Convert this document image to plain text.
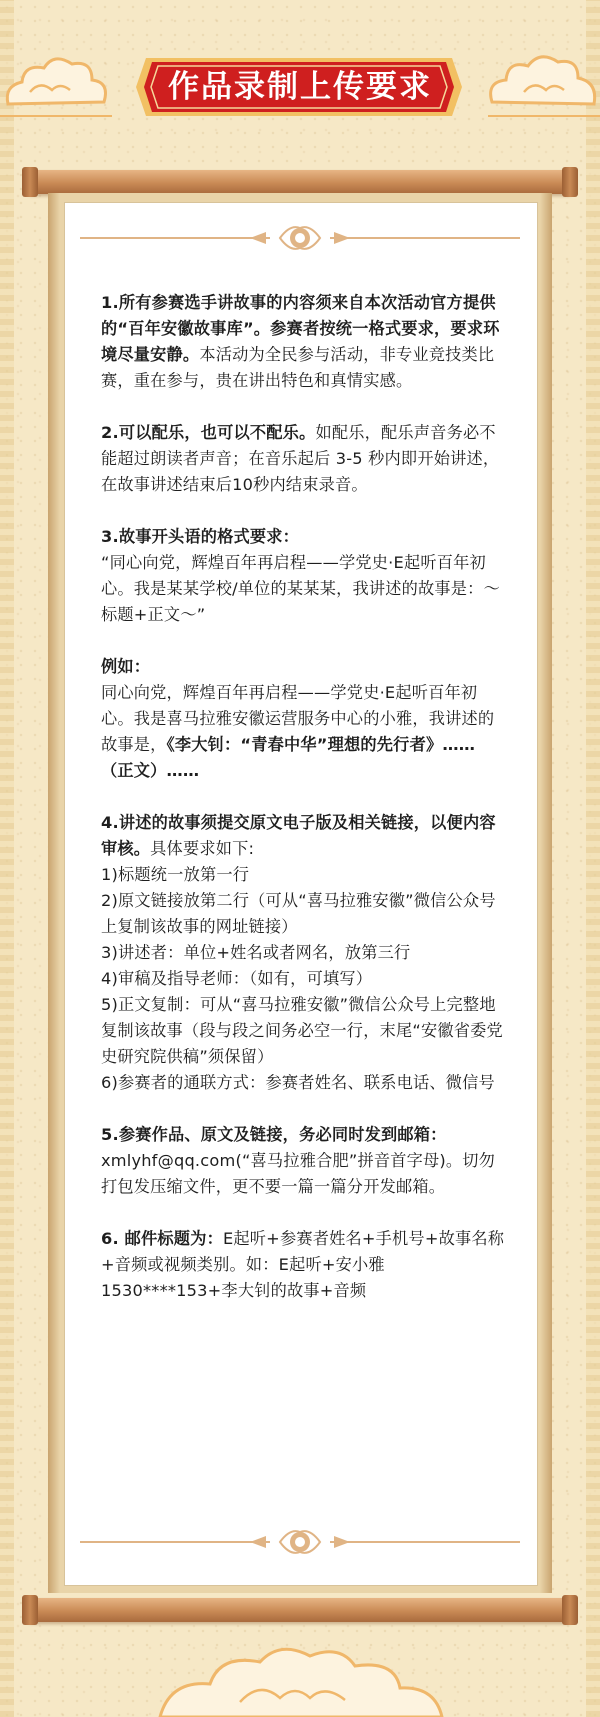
作品录制上传要求

1.所有参赛选手讲故事的内容须来自本次活动官方提供的“百年安徽故事库”。参赛者按统一格式要求，要求环境尽量安静。本活动为全民参与活动，非专业竞技类比赛，重在参与，贵在讲出特色和真情实感。

2.可以配乐，也可以不配乐。如配乐，配乐声音务必不能超过朗读者声音；在音乐起后 3-5 秒内即开始讲述，在故事讲述结束后10秒内结束录音。

3.故事开头语的格式要求：
“同心向党，辉煌百年再启程——学党史·E起听百年初心。我是某某学校/单位的某某某，我讲述的故事是：～标题+正文～”

例如：
同心向党，辉煌百年再启程——学党史·E起听百年初心。我是喜马拉雅安徽运营服务中心的小雅，我讲述的故事是，《李大钊：“青春中华”理想的先行者》……（正文）……

4.讲述的故事须提交原文电子版及相关链接，以便内容审核。具体要求如下:
1)标题统一放第一行
2)原文链接放第二行（可从“喜马拉雅安徽”微信公众号上复制该故事的网址链接）
3)讲述者：单位+姓名或者网名，放第三行
4)审稿及指导老师：（如有，可填写）
5)正文复制：可从“喜马拉雅安徽”微信公众号上完整地复制该故事（段与段之间务必空一行，末尾“安徽省委党史研究院供稿”须保留）
6)参赛者的通联方式：参赛者姓名、联系电话、微信号

5.参赛作品、原文及链接，务必同时发到邮箱：
xmlyhf@qq.com(“喜马拉雅合肥”拼音首字母)。切勿打包发压缩文件，更不要一篇一篇分开发邮箱。

6. 邮件标题为：E起听+参赛者姓名+手机号+故事名称+音频或视频类别。如：E起听+安小雅1530****153+李大钊的故事+音频
